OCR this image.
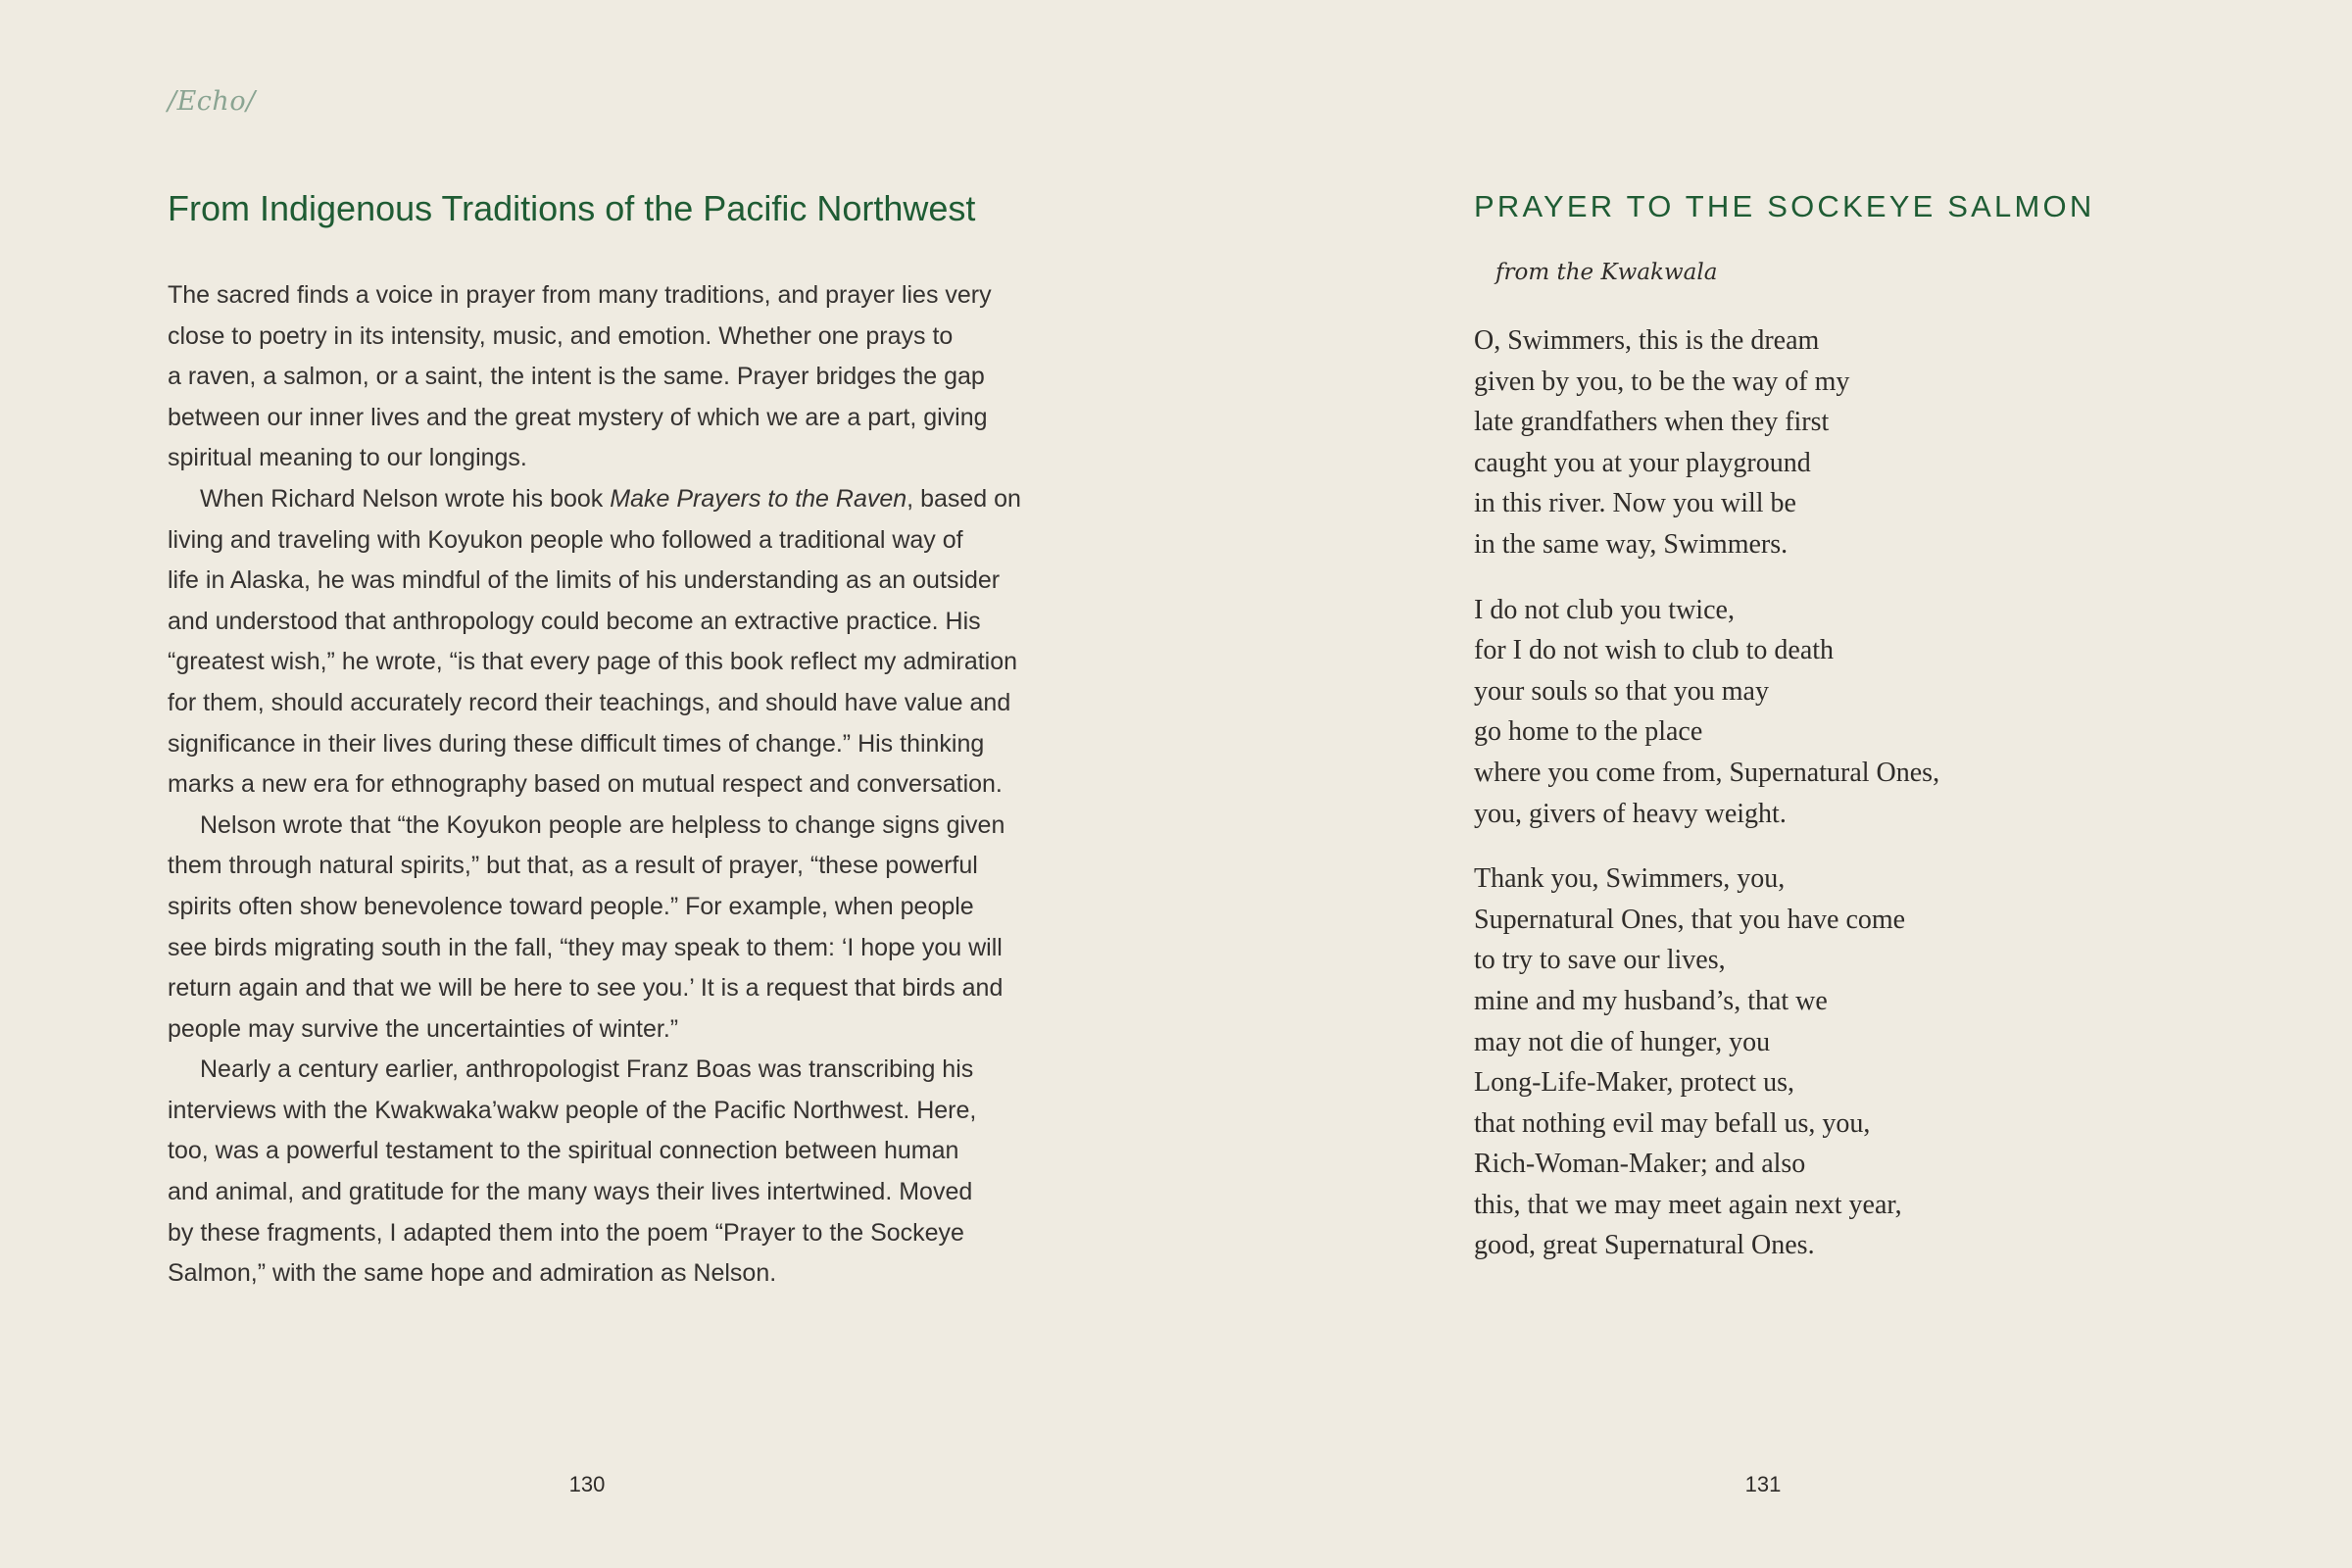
/Echo/
From Indigenous Traditions of the Pacific Northwest
The sacred finds a voice in prayer from many traditions, and prayer lies very
close to poetry in its intensity, music, and emotion. Whether one prays to
a raven, a salmon, or a saint, the intent is the same. Prayer bridges the gap
between our inner lives and the great mystery of which we are a part, giving
spiritual meaning to our longings.
When Richard Nelson wrote his book Make Prayers to the Raven, based on
living and traveling with Koyukon people who followed a traditional way of
life in Alaska, he was mindful of the limits of his understanding as an outsider
and understood that anthropology could become an extractive practice. His
“greatest wish,” he wrote, “is that every page of this book reflect my admiration
for them, should accurately record their teachings, and should have value and
significance in their lives during these difficult times of change.” His thinking
marks a new era for ethnography based on mutual respect and conversation.
Nelson wrote that “the Koyukon people are helpless to change signs given
them through natural spirits,” but that, as a result of prayer, “these powerful
spirits often show benevolence toward people.” For example, when people
see birds migrating south in the fall, “they may speak to them: ‘I hope you will
return again and that we will be here to see you.’ It is a request that birds and
people may survive the uncertainties of winter.”
Nearly a century earlier, anthropologist Franz Boas was transcribing his
interviews with the Kwakwaka’wakw people of the Pacific Northwest. Here,
too, was a powerful testament to the spiritual connection between human
and animal, and gratitude for the many ways their lives intertwined. Moved
by these fragments, I adapted them into the poem “Prayer to the Sockeye
Salmon,” with the same hope and admiration as Nelson.
130
PRAYER TO THE SOCKEYE SALMON
from the Kwakwala
O, Swimmers, this is the dream
given by you, to be the way of my
late grandfathers when they first
caught you at your playground
in this river. Now you will be
in the same way, Swimmers.
I do not club you twice,
for I do not wish to club to death
your souls so that you may
go home to the place
where you come from, Supernatural Ones,
you, givers of heavy weight.
Thank you, Swimmers, you,
Supernatural Ones, that you have come
to try to save our lives,
mine and my husband’s, that we
may not die of hunger, you
Long-Life-Maker, protect us,
that nothing evil may befall us, you,
Rich-Woman-Maker; and also
this, that we may meet again next year,
good, great Supernatural Ones.
131
